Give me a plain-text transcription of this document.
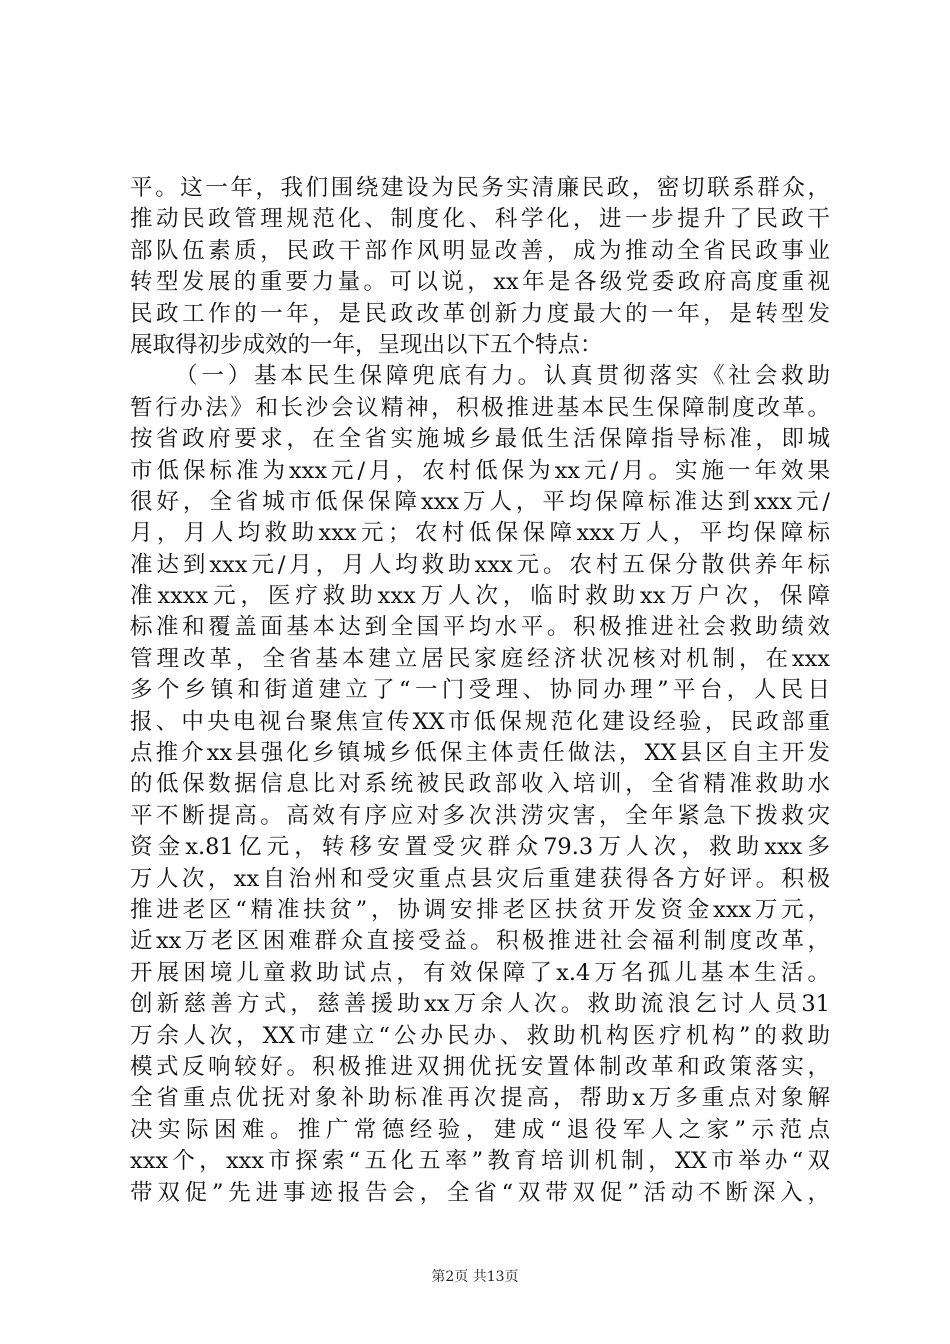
平。这一年，我们围绕建设为民务实清廉民政，密切联系群众，
推动民政管理规范化、制度化、科学化，进一步提升了民政干
部队伍素质，民政干部作风明显改善，成为推动全省民政事业
转型发展的重要力量。可以说，xx年是各级党委政府高度重视
民政工作的一年，是民政改革创新力度最大的一年，是转型发
展取得初步成效的一年，呈现出以下五个特点：
（一）基本民生保障兜底有力。认真贯彻落实《社会救助
暂行办法》和长沙会议精神，积极推进基本民生保障制度改革。
按省政府要求，在全省实施城乡最低生活保障指导标准，即城
市低保标准为xxx元/月，农村低保为xx元/月。实施一年效果
很好，全省城市低保保障xxx万人，平均保障标准达到xxx元/
月，月人均救助xxx元；农村低保保障xxx万人，平均保障标
准达到xxx元/月，月人均救助xxx元。农村五保分散供养年标
准xxxx元，医疗救助xxx万人次，临时救助xx万户次，保障
标准和覆盖面基本达到全国平均水平。积极推进社会救助绩效
管理改革，全省基本建立居民家庭经济状况核对机制，在xxx
多个乡镇和街道建立了“一门受理、协同办理”平台，人民日
报、中央电视台聚焦宣传XX市低保规范化建设经验，民政部重
点推介xx县强化乡镇城乡低保主体责任做法，XX县区自主开发
的低保数据信息比对系统被民政部收入培训，全省精准救助水
平不断提高。高效有序应对多次洪涝灾害，全年紧急下拨救灾
资金x.81亿元，转移安置受灾群众79.3万人次，救助xxx多
万人次，xx自治州和受灾重点县灾后重建获得各方好评。积极
推进老区“精准扶贫”，协调安排老区扶贫开发资金xxx万元，
近xx万老区困难群众直接受益。积极推进社会福利制度改革，
开展困境儿童救助试点，有效保障了x.4万名孤儿基本生活。
创新慈善方式，慈善援助xx万余人次。救助流浪乞讨人员31
万余人次，XX市建立“公办民办、救助机构医疗机构”的救助
模式反响较好。积极推进双拥优抚安置体制改革和政策落实，
全省重点优抚对象补助标准再次提高，帮助x万多重点对象解
决实际困难。推广常德经验，建成“退役军人之家”示范点
xxx个，xxx市探索“五化五率”教育培训机制，XX市举办“双
带双促”先进事迹报告会，全省“双带双促”活动不断深入，
第2页 共13页
